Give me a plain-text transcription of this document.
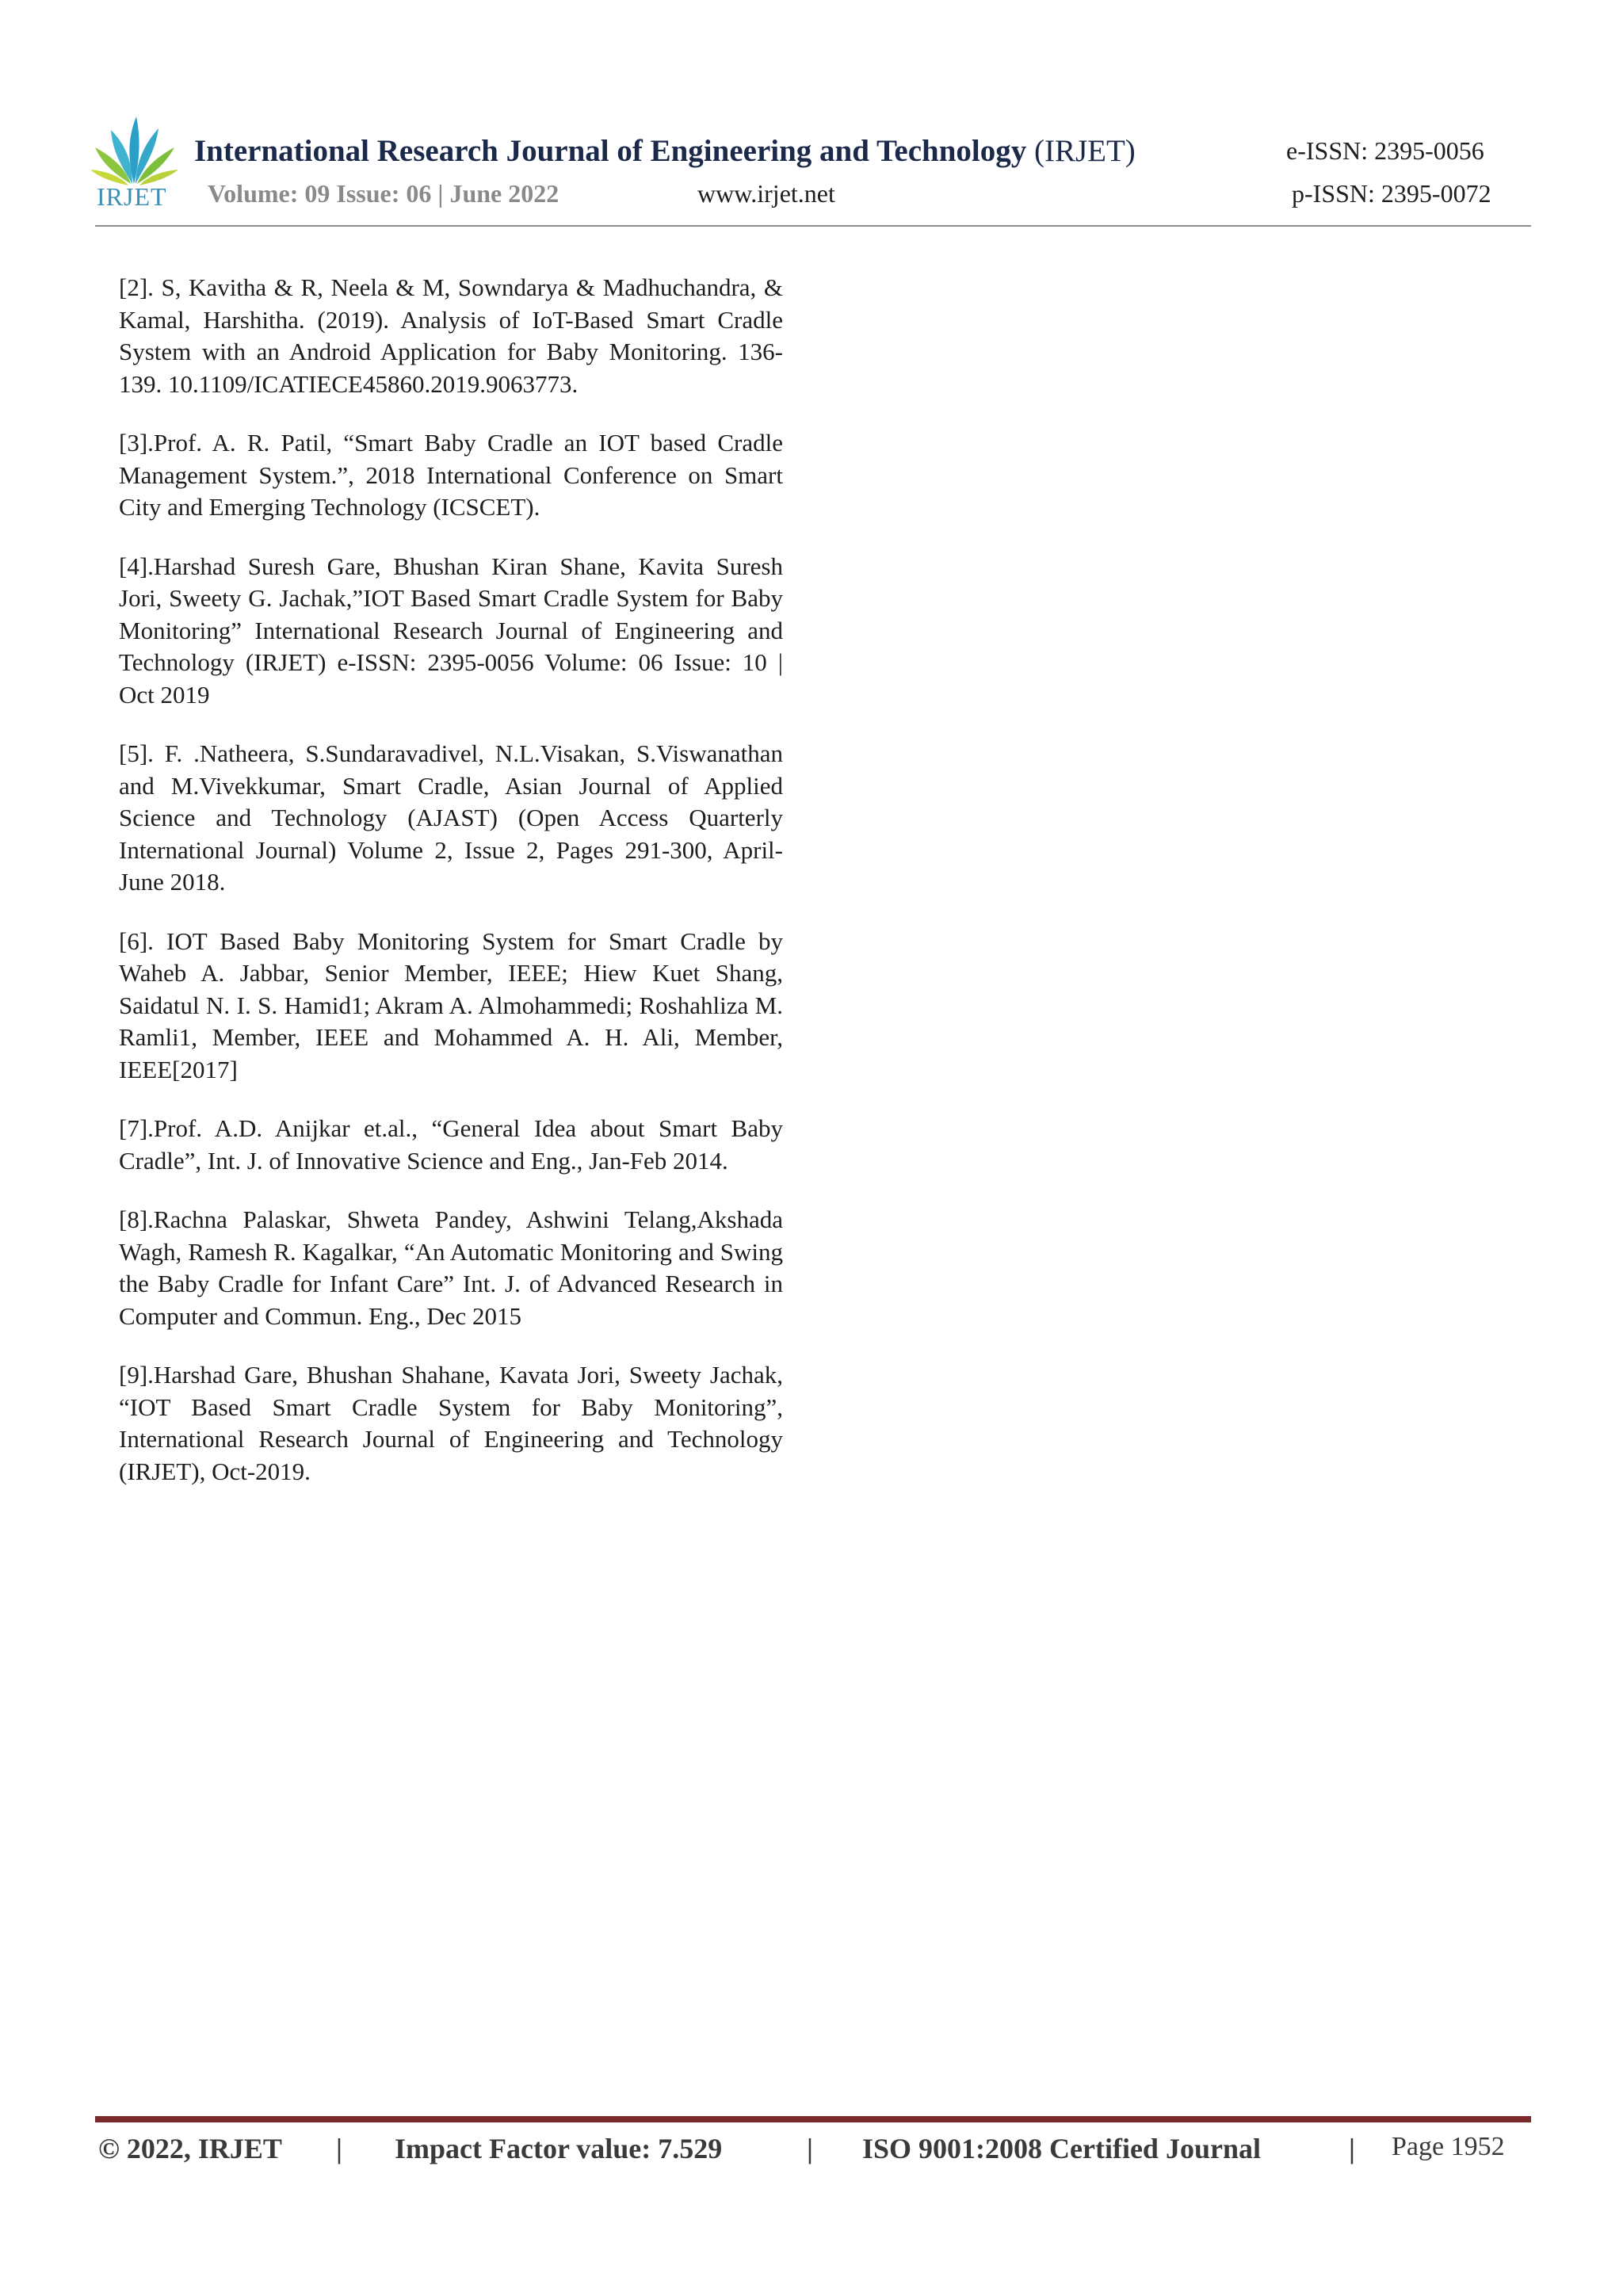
IRJET
International Research Journal of Engineering and Technology (IRJET)	e-ISSN: 2395-0056
Volume: 09 Issue: 06 | June 2022	www.irjet.net	p-ISSN: 2395-0072

[2]. S, Kavitha & R, Neela & M, Sowndarya & Madhuchandra, & Kamal, Harshitha. (2019). Analysis of IoT-Based Smart Cradle System with an Android Application for Baby Monitoring. 136-139. 10.1109/ICATIECE45860.2019.9063773.

[3].Prof. A. R. Patil, “Smart Baby Cradle an IOT based Cradle Management System.”, 2018 International Conference on Smart City and Emerging Technology (ICSCET).

[4].Harshad Suresh Gare, Bhushan Kiran Shane, Kavita Suresh Jori, Sweety G. Jachak,”IOT Based Smart Cradle System for Baby Monitoring” International Research Journal of Engineering and Technology (IRJET) e-ISSN: 2395-0056 Volume: 06 Issue: 10 | Oct 2019

[5]. F. .Natheera, S.Sundaravadivel, N.L.Visakan, S.Viswanathan and M.Vivekkumar, Smart Cradle, Asian Journal of Applied Science and Technology (AJAST) (Open Access Quarterly International Journal) Volume 2, Issue 2, Pages 291-300, April-June 2018.

[6]. IOT Based Baby Monitoring System for Smart Cradle by Waheb A. Jabbar, Senior Member, IEEE; Hiew Kuet Shang, Saidatul N. I. S. Hamid1; Akram A. Almohammedi; Roshahliza M. Ramli1, Member, IEEE and Mohammed A. H. Ali, Member, IEEE[2017]

[7].Prof. A.D. Anijkar et.al., “General Idea about Smart Baby Cradle”, Int. J. of Innovative Science and Eng., Jan-Feb 2014.

[8].Rachna Palaskar, Shweta Pandey, Ashwini Telang,Akshada Wagh, Ramesh R. Kagalkar, “An Automatic Monitoring and Swing the Baby Cradle for Infant Care” Int. J. of Advanced Research in Computer and Commun. Eng., Dec 2015

[9].Harshad Gare, Bhushan Shahane, Kavata Jori, Sweety Jachak, “IOT Based Smart Cradle System for Baby Monitoring”, International Research Journal of Engineering and Technology (IRJET), Oct-2019.

© 2022, IRJET | Impact Factor value: 7.529	| ISO 9001:2008 Certified Journal	| Page 1952
